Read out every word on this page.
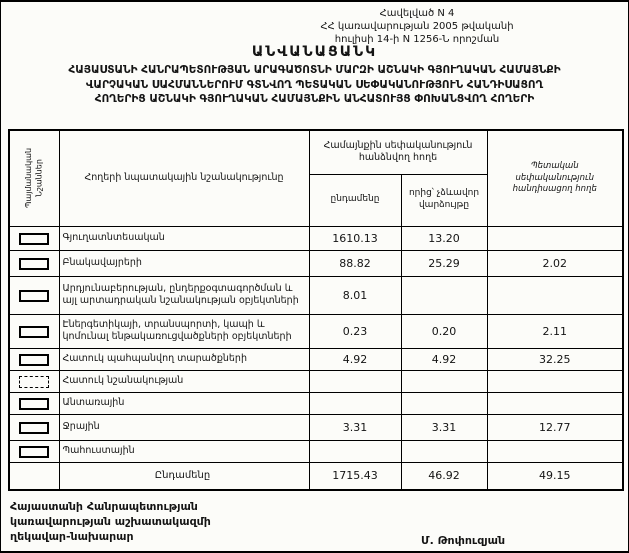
Հավելված N 4
ՀՀ կառավարության 2005 թվականի
հուլիսի 14-ի N 1256-Ն որոշման
ԱՆՎԱՆԱՑԱՆԿ
ՀԱՅԱՍՏԱՆԻ ՀԱՆՐԱՊԵՏՈՒԹՅԱՆ ԱՐԱԳԱԾՈՏՆԻ ՄԱՐԶԻ ԱՇՆԱԿԻ ԳՅՈՒՂԱԿԱՆ ՀԱՄԱՅՆՔԻ
ՎԱՐՉԱԿԱՆ ՍԱՀՄԱՆՆԵՐՈՒՄ ԳՏՆՎՈՂ ՊԵՏԱԿԱՆ ՍԵՓԱԿԱՆՈՒԹՅՈՒՆ ՀԱՆԴԻՍԱՑՈՂ
ՀՈՂԵՐԻՑ ԱՇՆԱԿԻ ԳՅՈՒՂԱԿԱՆ ՀԱՄԱՅՆՔԻՆ ԱՆՀԱՏՈՒՅՑ ՓՈԽԱՆՑՎՈՂ ՀՈՂԵՐԻ
Պայմանական Նշաններ	Հողերի նպատակային նշանակությունը	Համայնքին սեփականություն հանձնվող հողե		Պետական սեփականություն հանդիսացող հողե
		ընդամենը	որից՝ չձևավոր վարձույթը	
	Գյուղատնտեսական	1610.13	13.20	
	Բնակավայրերի	88.82	25.29	2.02
	Արդյունաբերության, ընդերքօգտագործման և այլ արտադրական նշանակության օբյեկտների	8.01		
	Էներգետիկայի, տրանսպորտի, կապի և կոմունալ ենթակառուցվածքների օբյեկտների	0.23	0.20	2.11
	Հատուկ պահպանվող տարածքների	4.92	4.92	32.25
	Հատուկ նշանակության			
	Անտառային			
	Ջրային	3.31	3.31	12.77
	Պահուստային			
	Ընդամենը	1715.43	46.92	49.15
Հայաստանի Հանրապետության
կառավարության աշխատակազմի
ղեկավար-նախարար	Մ. Թոփուզյան
